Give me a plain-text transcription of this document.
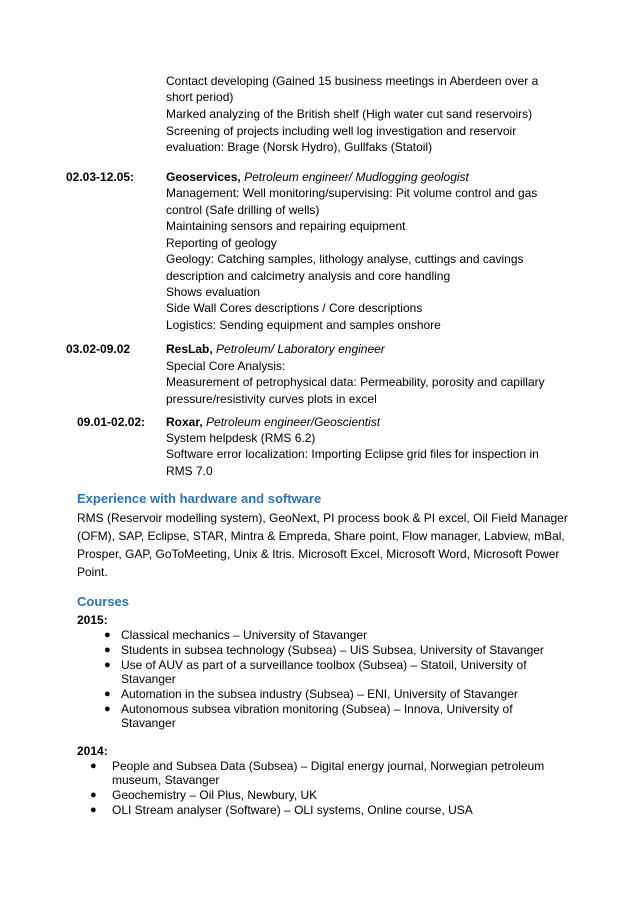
Contact developing (Gained 15 business meetings in Aberdeen over a
short period)
Marked analyzing of the British shelf (High water cut sand reservoirs)
Screening of projects including well log investigation and reservoir
evaluation: Brage (Norsk Hydro), Gullfaks (Statoil)
02.03-12.05:	Geoservices, Petroleum engineer/ Mudlogging geologist
Management: Well monitoring/supervising: Pit volume control and gas
control (Safe drilling of wells)
Maintaining sensors and repairing equipment
Reporting of geology
Geology: Catching samples, lithology analyse, cuttings and cavings
description and calcimetry analysis and core handling
Shows evaluation
Side Wall Cores descriptions / Core descriptions
Logistics: Sending equipment and samples onshore
03.02-09.02	ResLab, Petroleum/ Laboratory engineer
Special Core Analysis:
Measurement of petrophysical data: Permeability, porosity and capillary
pressure/resistivity curves plots in excel
09.01-02.02: Roxar, Petroleum engineer/Geoscientist
System helpdesk (RMS 6.2)
Software error localization: Importing Eclipse grid files for inspection in
RMS 7.0
Experience with hardware and software
RMS (Reservoir modelling system), GeoNext, PI process book & PI excel, Oil Field Manager
(OFM), SAP, Eclipse, STAR, Mintra & Empreda, Share point, Flow manager, Labview, mBal,
Prosper, GAP, GoToMeeting, Unix & Itris. Microsoft Excel, Microsoft Word, Microsoft Power
Point.
Courses
2015:
● Classical mechanics – University of Stavanger
● Students in subsea technology (Subsea) – UiS Subsea, University of Stavanger
● Use of AUV as part of a surveillance toolbox (Subsea) – Statoil, University of
Stavanger
● Automation in the subsea industry (Subsea) – ENI, University of Stavanger
● Autonomous subsea vibration monitoring (Subsea) – Innova, University of
Stavanger
2014:
● People and Subsea Data (Subsea) – Digital energy journal, Norwegian petroleum
museum, Stavanger
● Geochemistry – Oil Plus, Newbury, UK
● OLI Stream analyser (Software) – OLI systems, Online course, USA
